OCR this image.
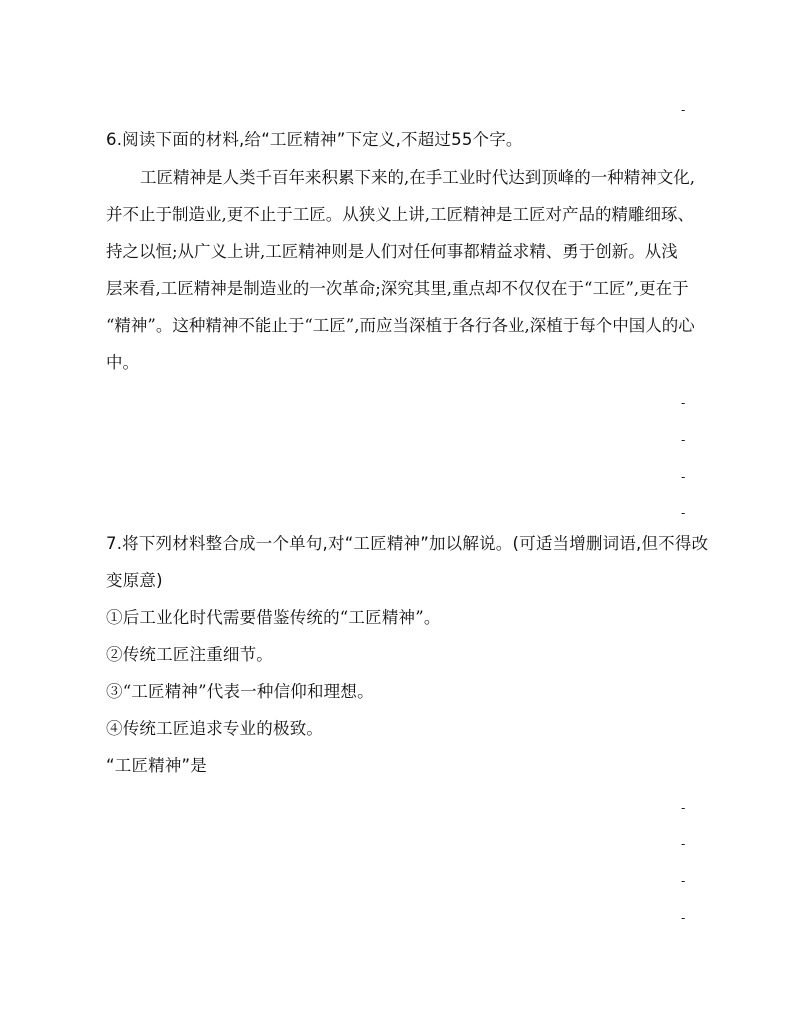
-
6.阅读下面的材料,给“工匠精神”下定义,不超过55个字。
工匠精神是人类千百年来积累下来的,在手工业时代达到顶峰的一种精神文化,
并不止于制造业,更不止于工匠。从狭义上讲,工匠精神是工匠对产品的精雕细琢、
持之以恒;从广义上讲,工匠精神则是人们对任何事都精益求精、勇于创新。从浅
层来看,工匠精神是制造业的一次革命;深究其里,重点却不仅仅在于“工匠”,更在于
“精神”。这种精神不能止于“工匠”,而应当深植于各行各业,深植于每个中国人的心
中。
-
-
-
-
7.将下列材料整合成一个单句,对“工匠精神”加以解说。(可适当增删词语,但不得改
变原意)
①后工业化时代需要借鉴传统的“工匠精神”。
②传统工匠注重细节。
③“工匠精神”代表一种信仰和理想。
④传统工匠追求专业的极致。
“工匠精神”是
-
-
-
-
